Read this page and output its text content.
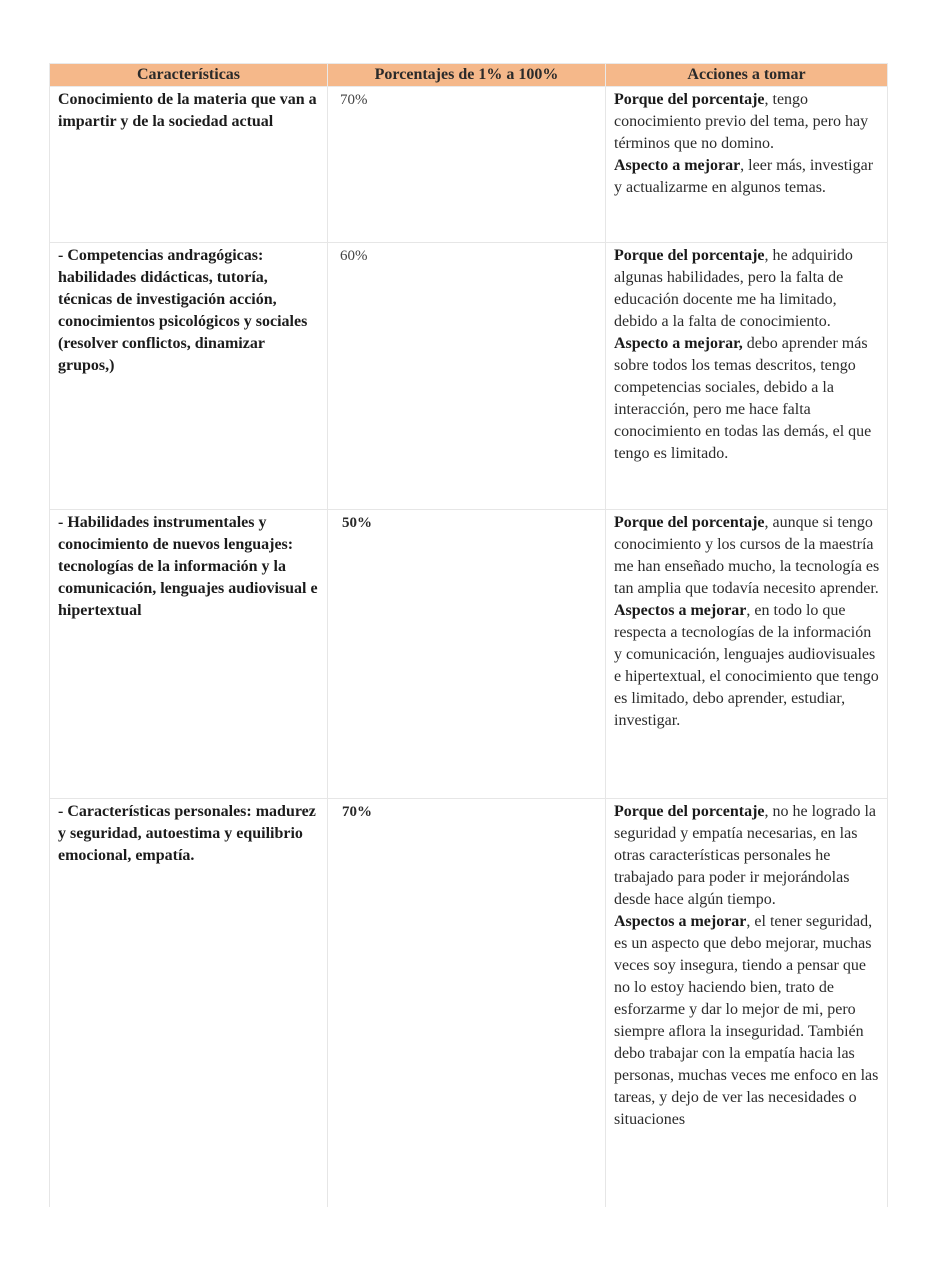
Características	Porcentajes de 1% a 100%	Acciones a tomar
Conocimiento de la materia que van a impartir y de la sociedad actual	70%	Porque del porcentaje, tengo conocimiento previo del tema, pero hay términos que no domino.

Aspecto a mejorar, leer más, investigar y actualizarme en algunos temas.

- Competencias andragógicas: habilidades didácticas, tutoría, técnicas de investigación acción, conocimientos psicológicos y sociales (resolver conflictos, dinamizar grupos,)	60%	Porque del porcentaje, he adquirido algunas habilidades, pero la falta de educación docente me ha limitado, debido a la falta de conocimiento.

Aspecto a mejorar, debo aprender más sobre todos los temas descritos, tengo competencias sociales, debido a la interacción, pero me hace falta conocimiento en todas las demás, el que tengo es limitado.

- Habilidades instrumentales y conocimiento de nuevos lenguajes: tecnologías de la información y la comunicación, lenguajes audiovisual e hipertextual	50%	Porque del porcentaje, aunque si tengo conocimiento y los cursos de la maestría me han enseñado mucho, la tecnología es tan amplia que todavía necesito aprender.

Aspectos a mejorar, en todo lo que respecta a tecnologías de la información y comunicación, lenguajes audiovisuales e hipertextual, el conocimiento que tengo es limitado, debo aprender, estudiar, investigar.

- Características personales: madurez y seguridad, autoestima y equilibrio emocional, empatía.	70%	Porque del porcentaje, no he logrado la seguridad y empatía necesarias, en las otras características personales he trabajado para poder ir mejorándolas desde hace algún tiempo.

Aspectos a mejorar, el tener seguridad, es un aspecto que debo mejorar, muchas veces soy insegura, tiendo a pensar que no lo estoy haciendo bien, trato de esforzarme y dar lo mejor de mi, pero siempre aflora la inseguridad. También debo trabajar con la empatía hacia las personas, muchas veces me enfoco en las tareas, y dejo de ver las necesidades o situaciones
